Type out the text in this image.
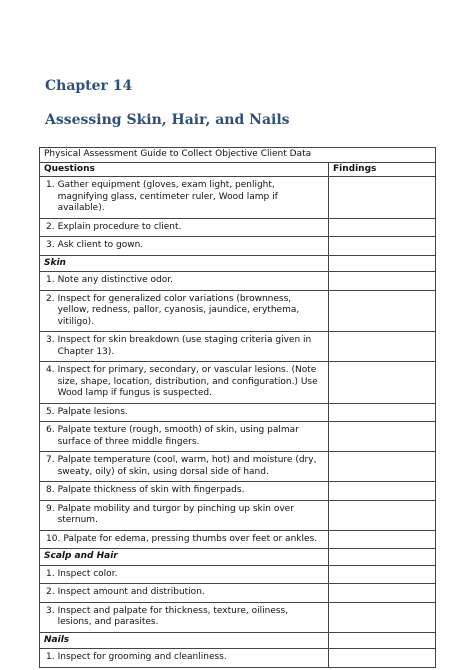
Chapter 14
Assessing Skin, Hair, and Nails
Physical Assessment Guide to Collect Objective Client Data	
Questions	Findings

1. Gather equipment (gloves, exam light, penlight, magnifying glass, centimeter ruler, Wood lamp if available).	

2. Explain procedure to client.	

3. Ask client to gown.	

Skin	

1. Note any distinctive odor.	

2. Inspect for generalized color variations (brownness, yellow, redness, pallor, cyanosis, jaundice, erythema, vitiligo).	

3. Inspect for skin breakdown (use staging criteria given in Chapter 13).	

4. Inspect for primary, secondary, or vascular lesions. (Note size, shape, location, distribution, and configuration.) Use Wood lamp if fungus is suspected.	

5. Palpate lesions.	

6. Palpate texture (rough, smooth) of skin, using palmar surface of three middle fingers.	

7. Palpate temperature (cool, warm, hot) and moisture (dry, sweaty, oily) of skin, using dorsal side of hand.	

8. Palpate thickness of skin with fingerpads.	

9. Palpate mobility and turgor by pinching up skin over sternum.	

10. Palpate for edema, pressing thumbs over feet or ankles.	

Scalp and Hair	

1. Inspect color.	

2. Inspect amount and distribution.	

3. Inspect and palpate for thickness, texture, oiliness, lesions, and parasites.	

Nails	

1. Inspect for grooming and cleanliness.	
